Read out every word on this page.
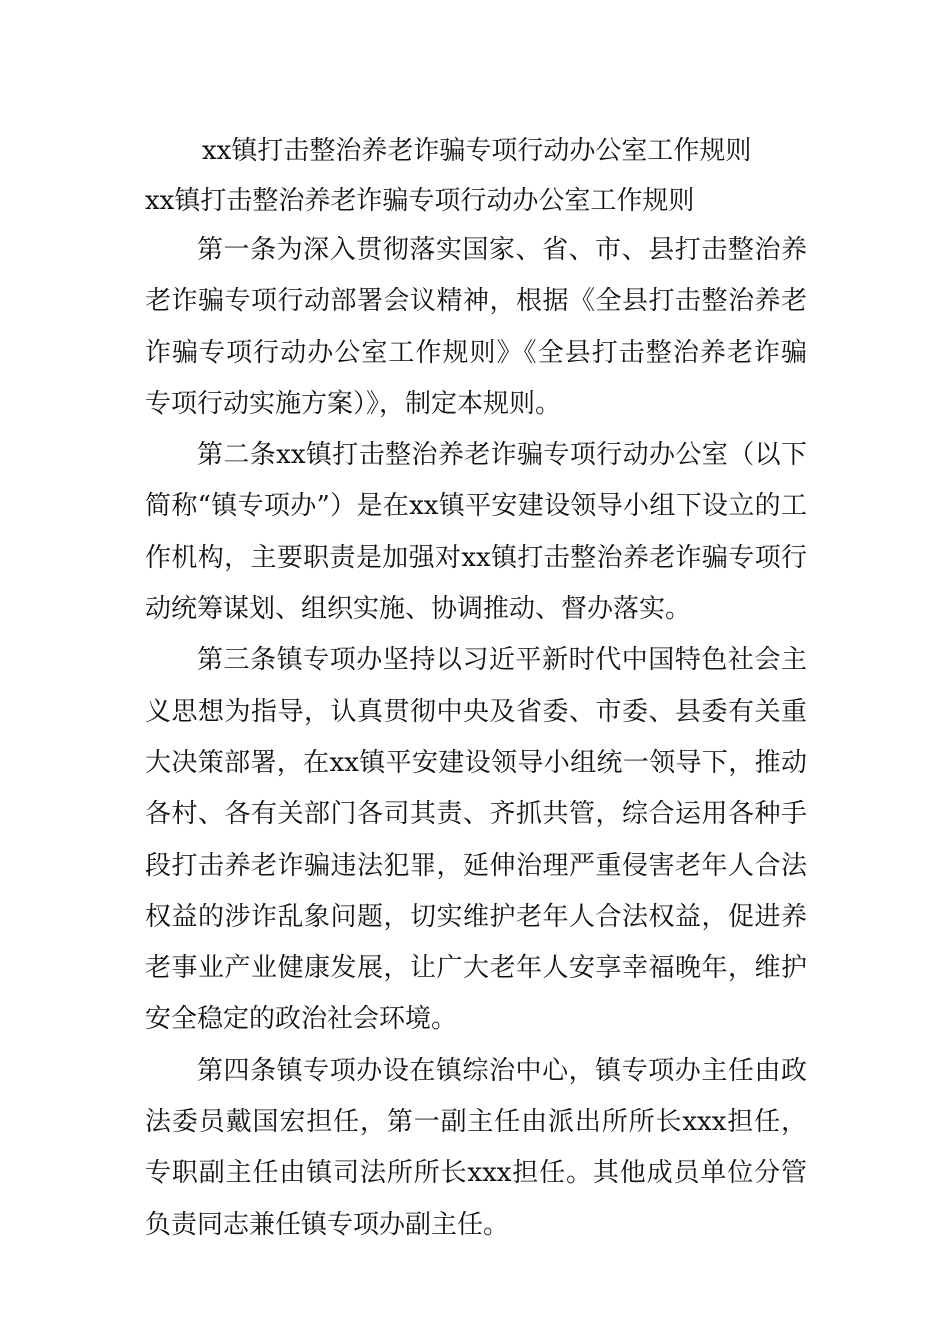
xx镇打击整治养老诈骗专项行动办公室工作规则
xx镇打击整治养老诈骗专项行动办公室工作规则

第一条为深入贯彻落实国家、省、市、县打击整治养老诈骗专项行动部署会议精神，根据《全县打击整治养老诈骗专项行动办公室工作规则》《全县打击整治养老诈骗专项行动实施方案）》，制定本规则。

第二条xx镇打击整治养老诈骗专项行动办公室（以下简称“镇专项办”）是在xx镇平安建设领导小组下设立的工作机构，主要职责是加强对xx镇打击整治养老诈骗专项行动统筹谋划、组织实施、协调推动、督办落实。

第三条镇专项办坚持以习近平新时代中国特色社会主义思想为指导，认真贯彻中央及省委、市委、县委有关重大决策部署，在xx镇平安建设领导小组统一领导下，推动各村、各有关部门各司其责、齐抓共管，综合运用各种手段打击养老诈骗违法犯罪，延伸治理严重侵害老年人合法权益的涉诈乱象问题，切实维护老年人合法权益，促进养老事业产业健康发展，让广大老年人安享幸福晚年，维护安全稳定的政治社会环境。

第四条镇专项办设在镇综治中心，镇专项办主任由政法委员戴国宏担任，第一副主任由派出所所长xxx担任，专职副主任由镇司法所所长xxx担任。其他成员单位分管负责同志兼任镇专项办副主任。
